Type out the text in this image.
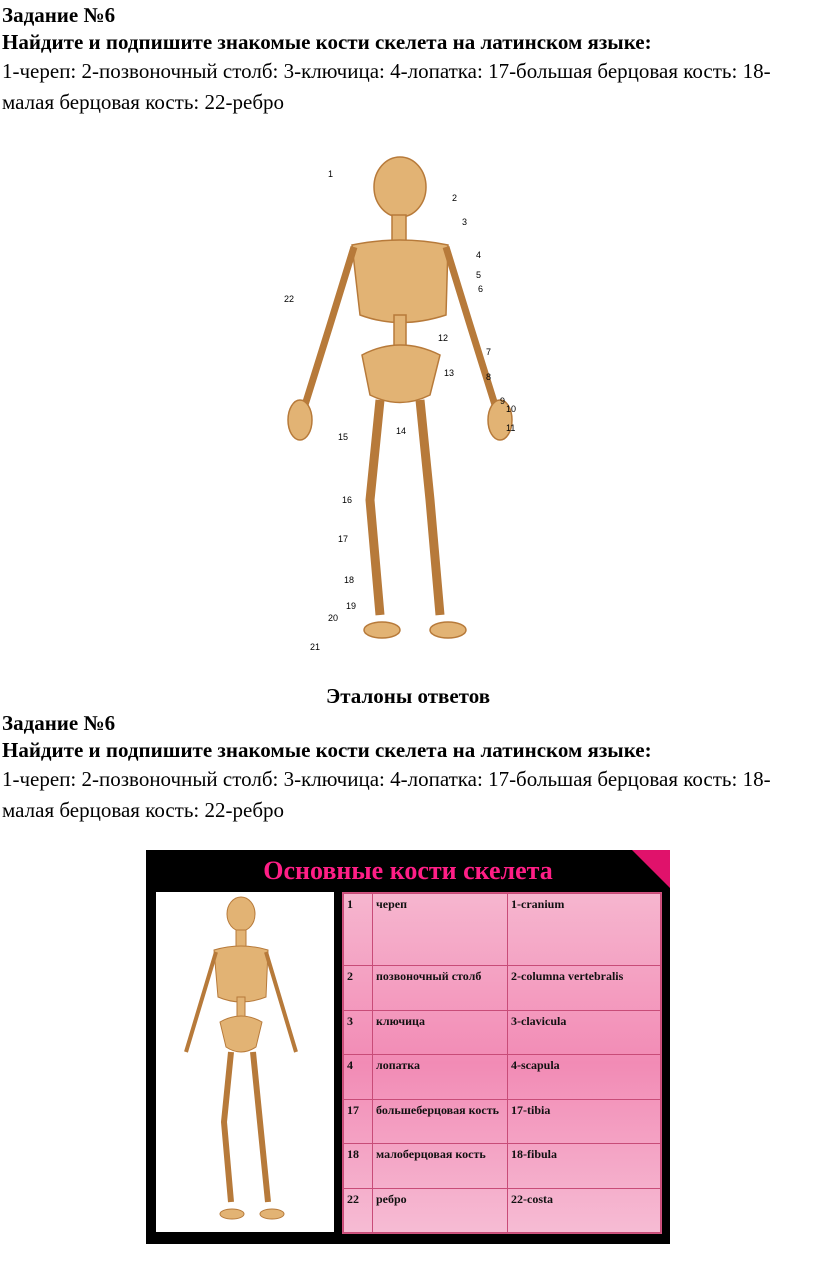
Задание №6
Найдите и подпишите знакомые кости скелета на латинском языке:

1-череп: 2-позвоночный столб: 3-ключица: 4-лопатка: 17-большая берцовая кость: 18-малая берцовая кость: 22-ребро

1
2
3
4
5
6
7
8
9
10
11
12
13
14
15
16
17
18
19
20
21
22
Эталоны ответов
Задание №6
Найдите и подпишите знакомые кости скелета на латинском языке:

1-череп: 2-позвоночный столб: 3-ключица: 4-лопатка: 17-большая берцовая кость: 18-малая берцовая кость: 22-ребро

Основные кости скелета
1	череп	1-cranium
2	позвоночный столб	2-columna vertebralis
3	ключица	3-clavicula
4	лопатка	4-scapula
17	большеберцовая кость	17-tibia
18	малоберцовая кость	18-fibula
22	ребро	22-costa
